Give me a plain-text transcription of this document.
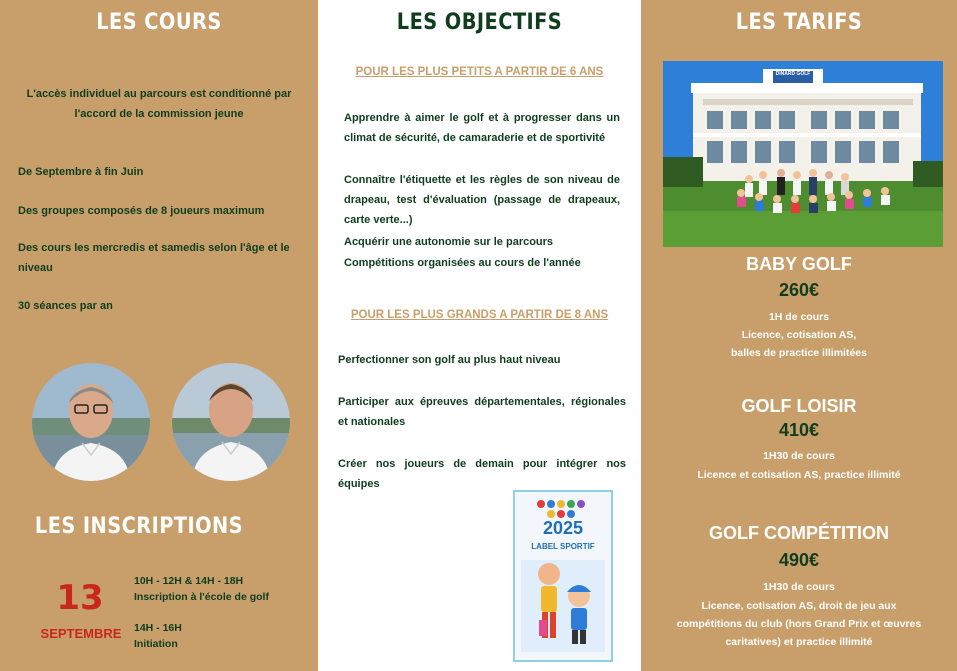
LES COURS
L'accès individuel au parcours est conditionné par l'accord de la commission jeune
De Septembre à fin Juin
Des groupes composés de 8 joueurs maximum
Des cours les mercredis et samedis selon l'âge et le niveau
30 séances par an
LES INSCRIPTIONS
13
SEPTEMBRE
10H - 12H & 14H - 18H
Inscription à l'école de golf
14H - 16H
Initiation
LES OBJECTIFS
POUR LES PLUS PETITS A PARTIR DE 6 ANS
Apprendre à aimer le golf et à progresser dans un climat de sécurité, de camaraderie et de sportivité
Connaître l'étiquette et les règles de son niveau de drapeau, test d'évaluation (passage de drapeaux, carte verte...)
Acquérir une autonomie sur le parcours
Compétitions organisées au cours de l'année
POUR LES PLUS GRANDS A PARTIR DE 8 ANS
Perfectionner son golf au plus haut niveau
Participer aux épreuves départementales, régionales et nationales
Créer nos joueurs de demain pour intégrer nos équipes
2025
LABEL SPORTIF
LES TARIFS
DINARD GOLF
BABY GOLF
260€
1H de cours
Licence, cotisation AS,
balles de practice illimitées
GOLF LOISIR
410€
1H30 de cours
Licence et cotisation AS, practice illimité
GOLF COMPÉTITION
490€
1H30 de cours
Licence, cotisation AS, droit de jeu aux compétitions du club (hors Grand Prix et œuvres caritatives) et practice illimité
